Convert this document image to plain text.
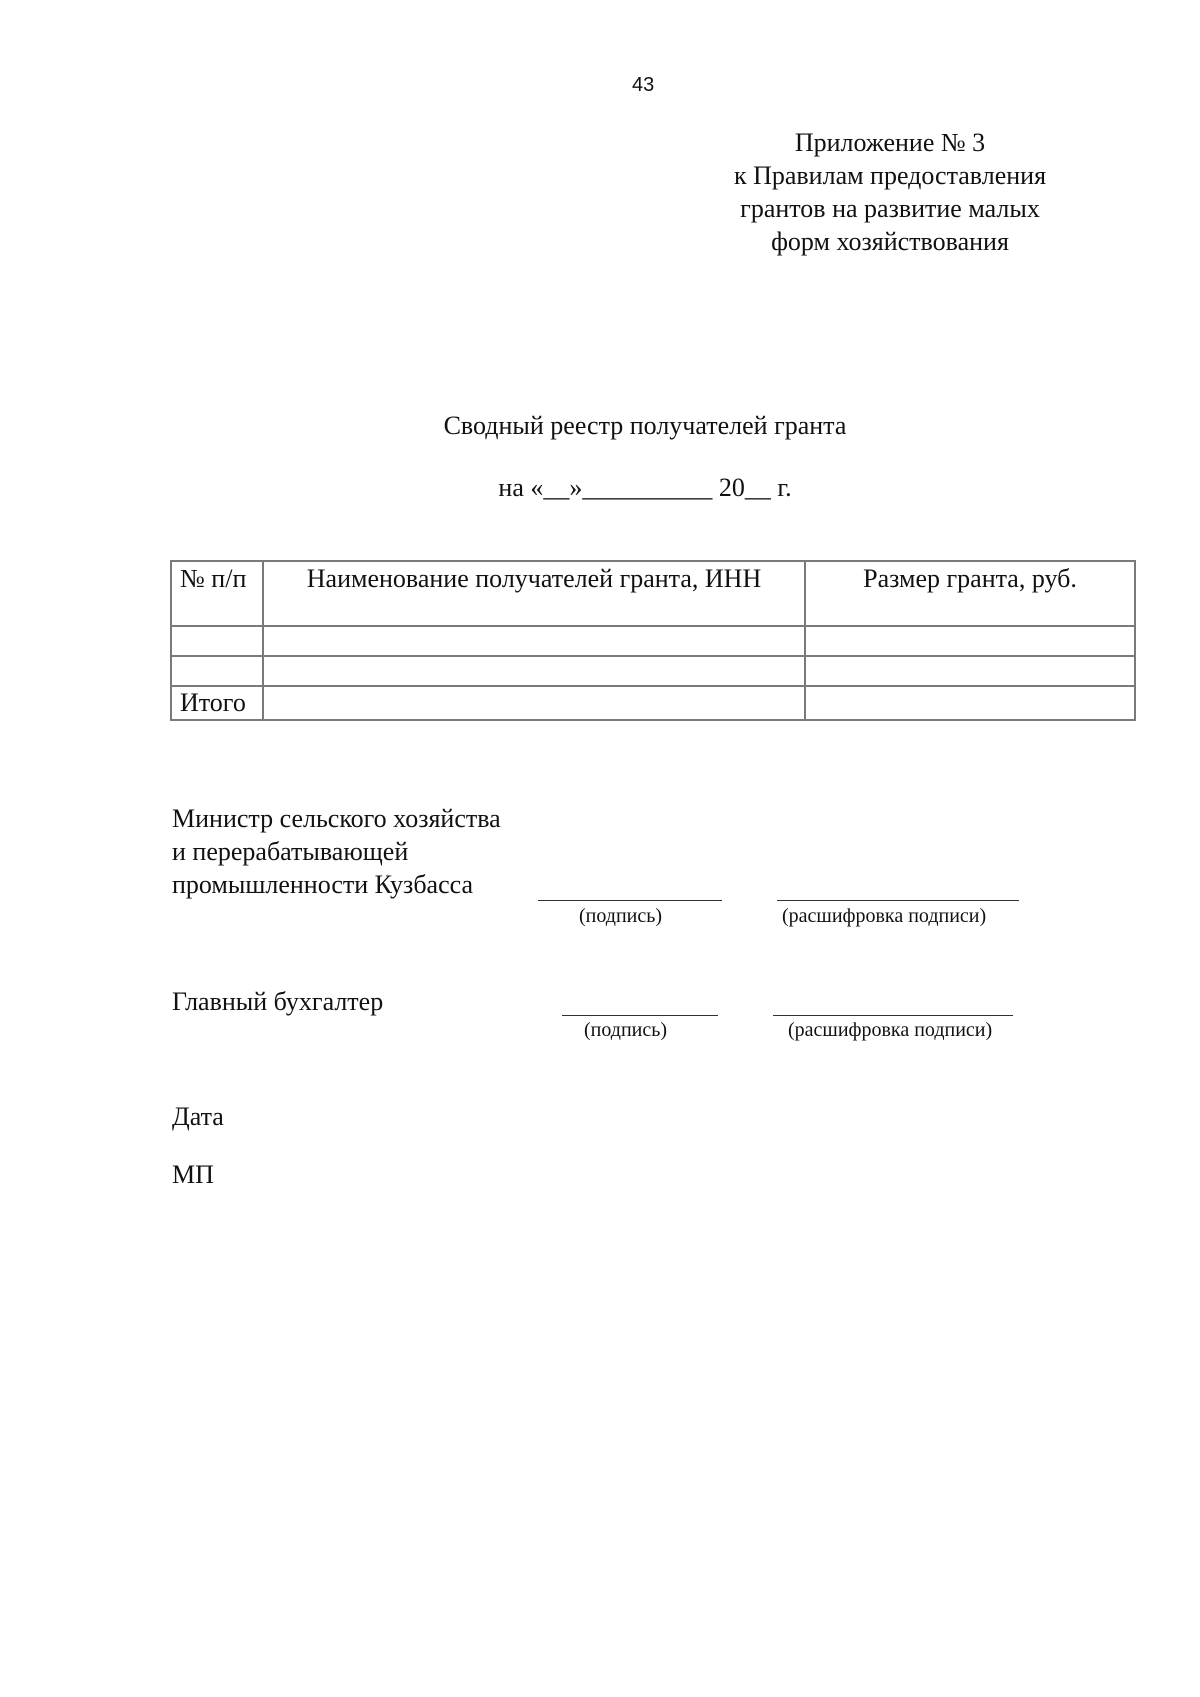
43
Приложение № 3
к Правилам предоставления
грантов на развитие малых
форм хозяйствования
Сводный реестр получателей гранта
на «__»__________ 20__ г.
№ п/п	Наименование получателей гранта, ИНН	Размер гранта, руб.

Итого		

Министр сельского хозяйства
и перерабатывающей
промышленности Кузбасса
(подпись)	(расшифровка подписи)
Главный бухгалтер
(подпись)	(расшифровка подписи)
Дата
МП
